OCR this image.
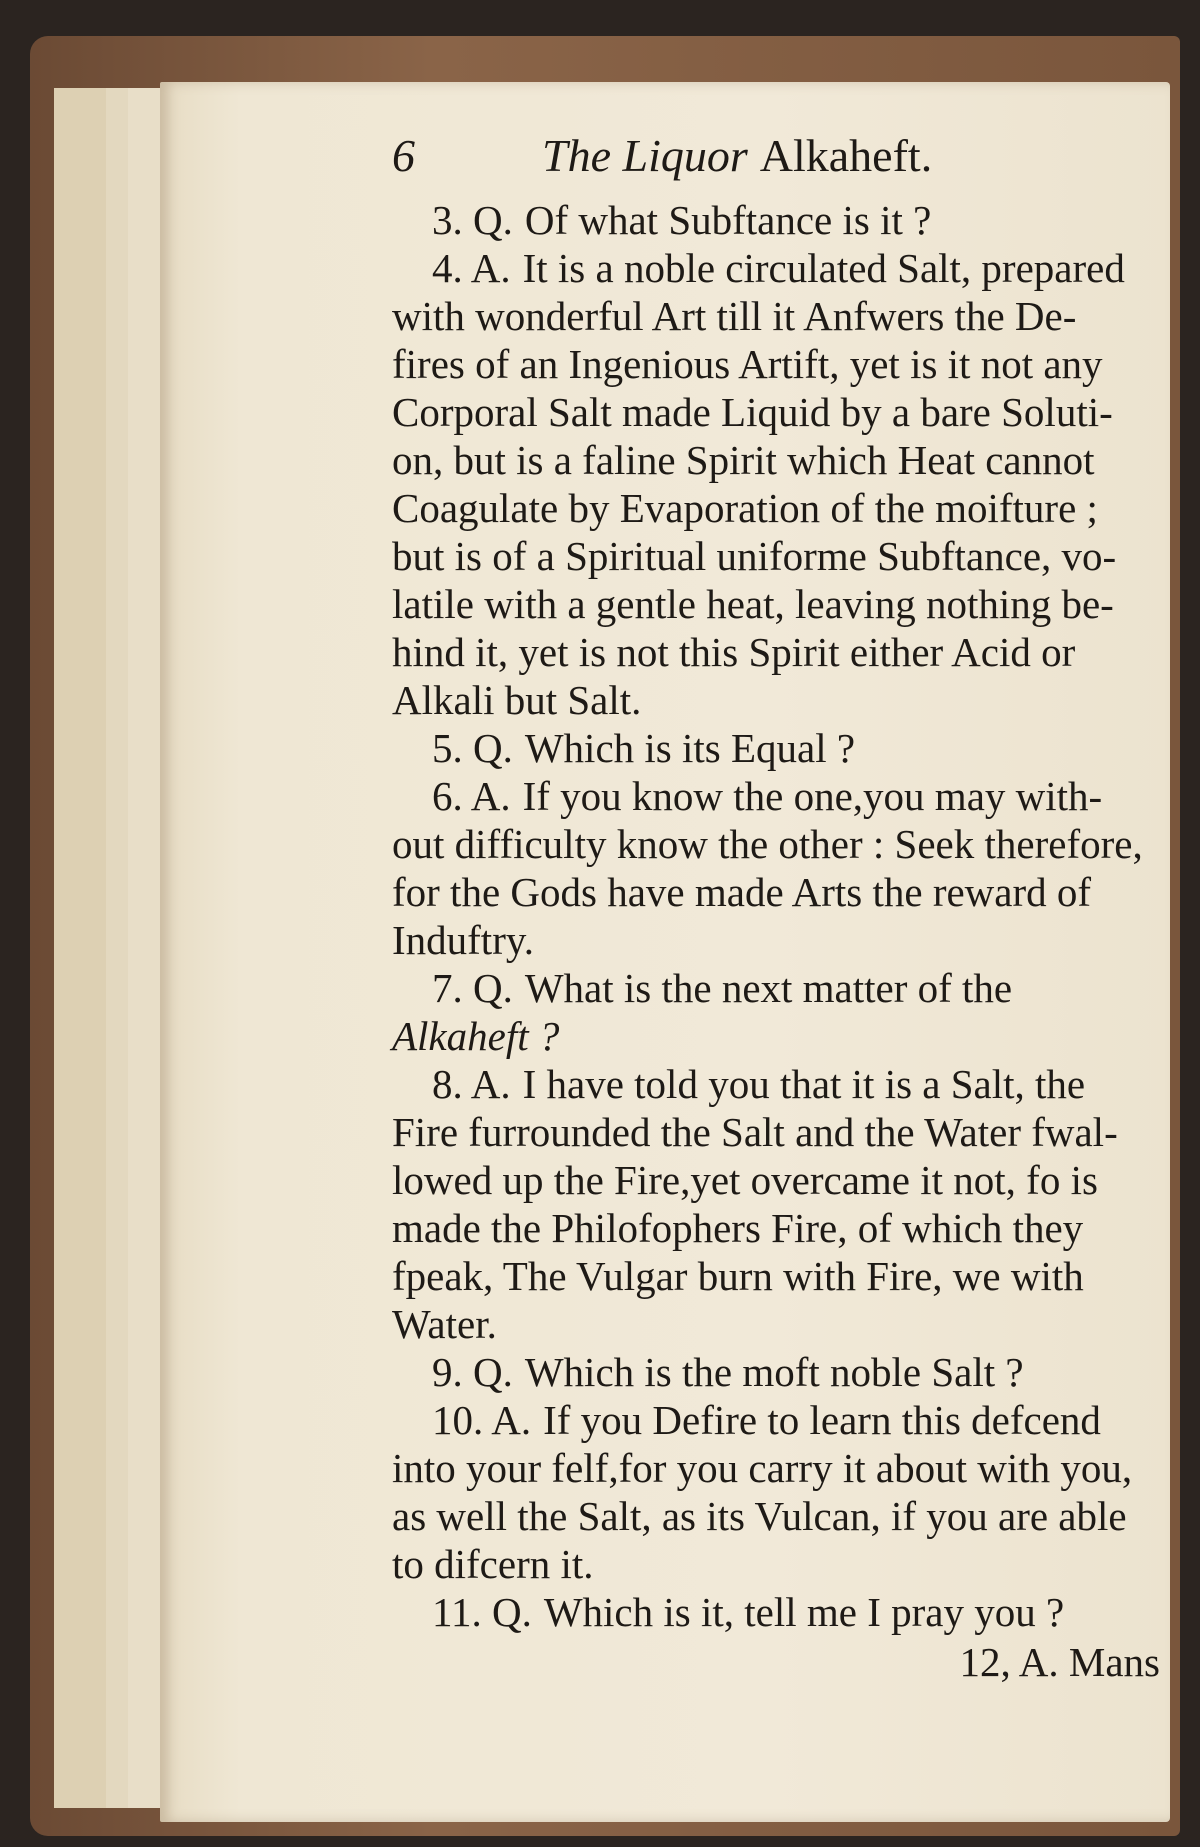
6	The Liquor Alkaheft.
3. Q. Of what Subftance is it ?
4. A. It is a noble circulated Salt, prepared
with wonderful Art till it Anfwers the De-
fires of an Ingenious Artift, yet is it not any
Corporal Salt made Liquid by a bare Soluti-
on, but is a faline Spirit which Heat cannot
Coagulate by Evaporation of the moifture ;
but is of a Spiritual uniforme Subftance, vo-
latile with a gentle heat, leaving nothing be-
hind it, yet is not this Spirit either Acid or
Alkali but Salt.
5. Q. Which is its Equal ?
6. A. If you know the one,you may with-
out difficulty know the other : Seek therefore,
for the Gods have made Arts the reward of
Induftry.
7. Q. What is the next matter of the
Alkaheft ?
8. A. I have told you that it is a Salt, the
Fire furrounded the Salt and the Water fwal-
lowed up the Fire,yet overcame it not, fo is
made the Philofophers Fire, of which they
fpeak, The Vulgar burn with Fire, we with
Water.
9. Q. Which is the moft noble Salt ?
10. A. If you Defire to learn this defcend
into your felf,for you carry it about with you,
as well the Salt, as its Vulcan, if you are able
to difcern it.
11. Q. Which is it, tell me I pray you ?
12, A. Mans
